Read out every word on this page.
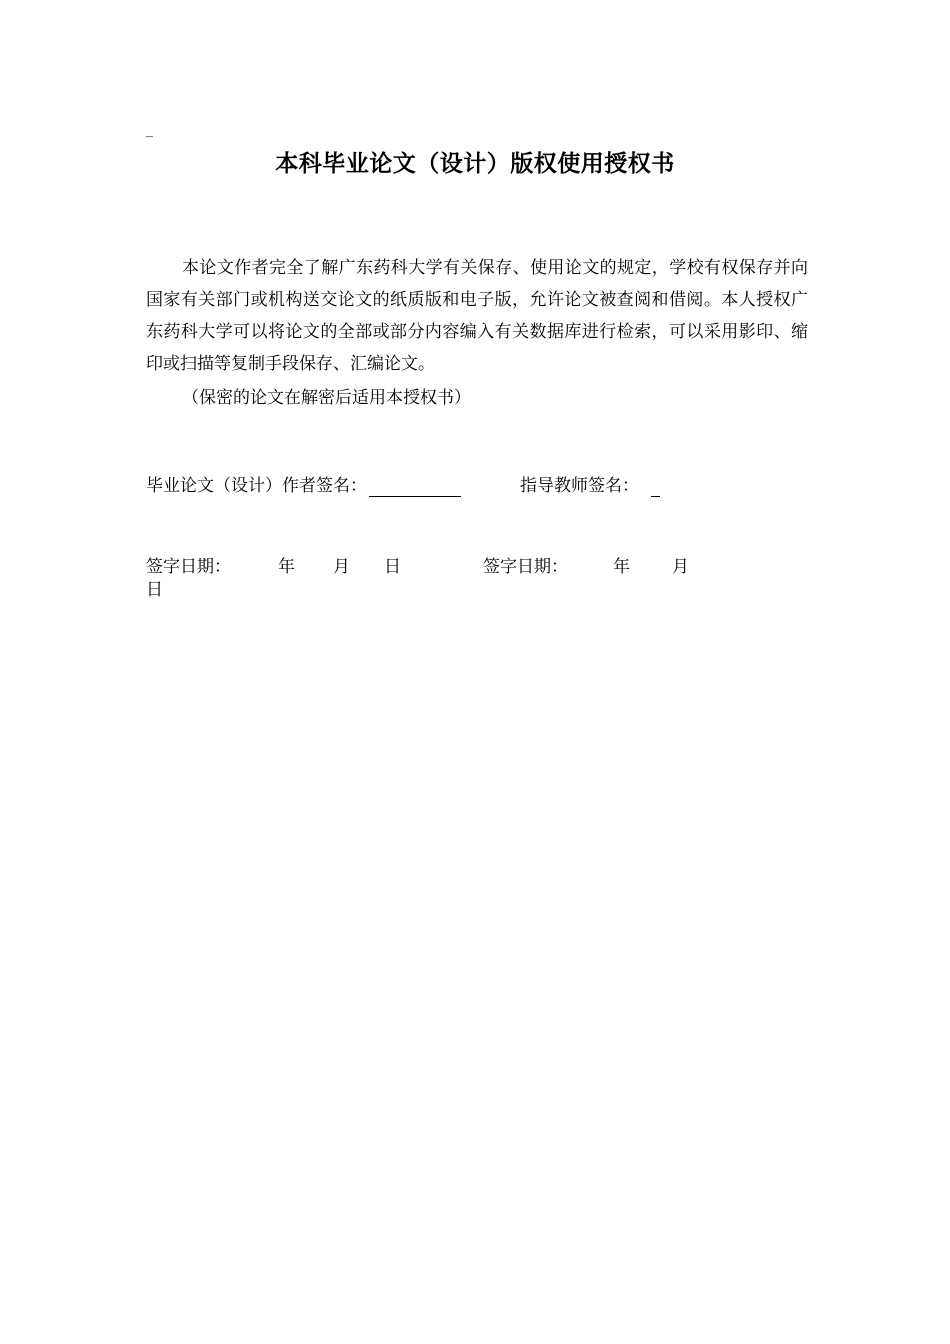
_
本科毕业论文（设计）版权使用授权书
本论文作者完全了解广东药科大学有关保存、使用论文的规定，学校有权保存并向国家有关部门或机构送交论文的纸质版和电子版，允许论文被查阅和借阅。本人授权广东药科大学可以将论文的全部或部分内容编入有关数据库进行检索，可以采用影印、缩印或扫描等复制手段保存、汇编论文。
（保密的论文在解密后适用本授权书）
毕业论文（设计）作者签名：	指导教师签名：
签字日期：	年 月 日	签字日期：	年 月
日
